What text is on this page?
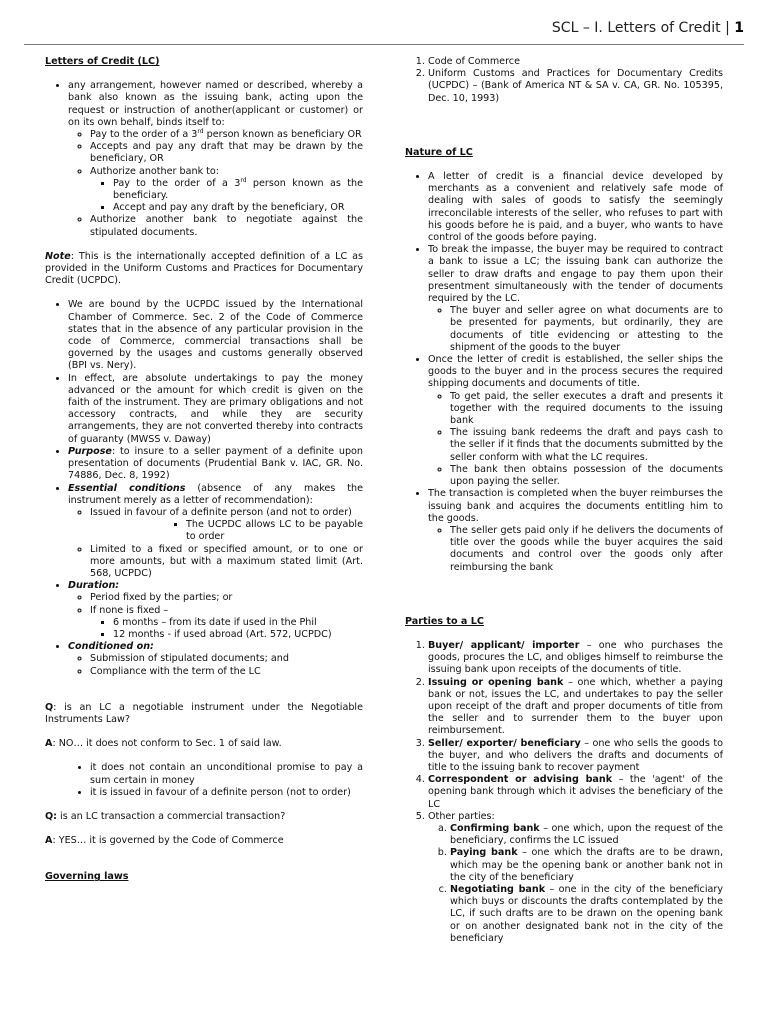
SCL – I. Letters of Credit | 1

Letters of Credit (LC)

• any arrangement, however named or described, whereby a bank also known as the issuing bank, acting upon the request or instruction of another(applicant or customer) or on its own behalf, binds itself to:
◦ Pay to the order of a 3rd person known as beneficiary OR
◦ Accepts and pay any draft that may be drawn by the beneficiary, OR
◦ Authorize another bank to:
▪ Pay to the order of a 3rd person known as the beneficiary.
▪ Accept and pay any draft by the beneficiary, OR
◦ Authorize another bank to negotiate against the stipulated documents.

Note: This is the internationally accepted definition of a LC as provided in the Uniform Customs and Practices for Documentary Credit (UCPDC).

• We are bound by the UCPDC issued by the International Chamber of Commerce. Sec. 2 of the Code of Commerce states that in the absence of any particular provision in the code of Commerce, commercial transactions shall be governed by the usages and customs generally observed (BPI vs. Nery).
• In effect, are absolute undertakings to pay the money advanced or the amount for which credit is given on the faith of the instrument. They are primary obligations and not accessory contracts, and while they are security arrangements, they are not converted thereby into contracts of guaranty (MWSS v. Daway)
• Purpose: to insure to a seller payment of a definite upon presentation of documents (Prudential Bank v. IAC, GR. No. 74886, Dec. 8, 1992)
• Essential conditions (absence of any makes the instrument merely as a letter of recommendation):
◦ Issued in favour of a definite person (and not to order)
▪ The UCPDC allows LC to be payable to order
◦ Limited to a fixed or specified amount, or to one or more amounts, but with a maximum stated limit (Art. 568, UCPDC)
• Duration:
◦ Period fixed by the parties; or
◦ If none is fixed –
▪ 6 months – from its date if used in the Phil
▪ 12 months - if used abroad (Art. 572, UCPDC)
• Conditioned on:
◦ Submission of stipulated documents; and
◦ Compliance with the term of the LC

Q: is an LC a negotiable instrument under the Negotiable Instruments Law?

A: NO… it does not conform to Sec. 1 of said law.

• it does not contain an unconditional promise to pay a sum certain in money
• it is issued in favour of a definite person (not to order)

Q: is an LC transaction a commercial transaction?

A: YES… it is governed by the Code of Commerce

Governing laws

1. Code of Commerce
2. Uniform Customs and Practices for Documentary Credits (UCPDC) – (Bank of America NT & SA v. CA, GR. No. 105395, Dec. 10, 1993)

Nature of LC

• A letter of credit is a financial device developed by merchants as a convenient and relatively safe mode of dealing with sales of goods to satisfy the seemingly irreconcilable interests of the seller, who refuses to part with his goods before he is paid, and a buyer, who wants to have control of the goods before paying.
• To break the impasse, the buyer may be required to contract a bank to issue a LC; the issuing bank can authorize the seller to draw drafts and engage to pay them upon their presentment simultaneously with the tender of documents required by the LC.
◦ The buyer and seller agree on what documents are to be presented for payments, but ordinarily, they are documents of title evidencing or attesting to the shipment of the goods to the buyer
• Once the letter of credit is established, the seller ships the goods to the buyer and in the process secures the required shipping documents and documents of title.
◦ To get paid, the seller executes a draft and presents it together with the required documents to the issuing bank
◦ The issuing bank redeems the draft and pays cash to the seller if it finds that the documents submitted by the seller conform with what the LC requires.
◦ The bank then obtains possession of the documents upon paying the seller.
• The transaction is completed when the buyer reimburses the issuing bank and acquires the documents entitling him to the goods.
◦ The seller gets paid only if he delivers the documents of title over the goods while the buyer acquires the said documents and control over the goods only after reimbursing the bank

Parties to a LC

1. Buyer/ applicant/ importer – one who purchases the goods, procures the LC, and obliges himself to reimburse the issuing bank upon receipts of the documents of title.
2. Issuing or opening bank – one which, whether a paying bank or not, issues the LC, and undertakes to pay the seller upon receipt of the draft and proper documents of title from the seller and to surrender them to the buyer upon reimbursement.
3. Seller/ exporter/ beneficiary – one who sells the goods to the buyer, and who delivers the drafts and documents of title to the issuing bank to recover payment
4. Correspondent or advising bank – the 'agent' of the opening bank through which it advises the beneficiary of the LC
5. Other parties:
a. Confirming bank – one which, upon the request of the beneficiary, confirms the LC issued
b. Paying bank – one which the drafts are to be drawn, which may be the opening bank or another bank not in the city of the beneficiary
c. Negotiating bank – one in the city of the beneficiary which buys or discounts the drafts contemplated by the LC, if such drafts are to be drawn on the opening bank or on another designated bank not in the city of the beneficiary
